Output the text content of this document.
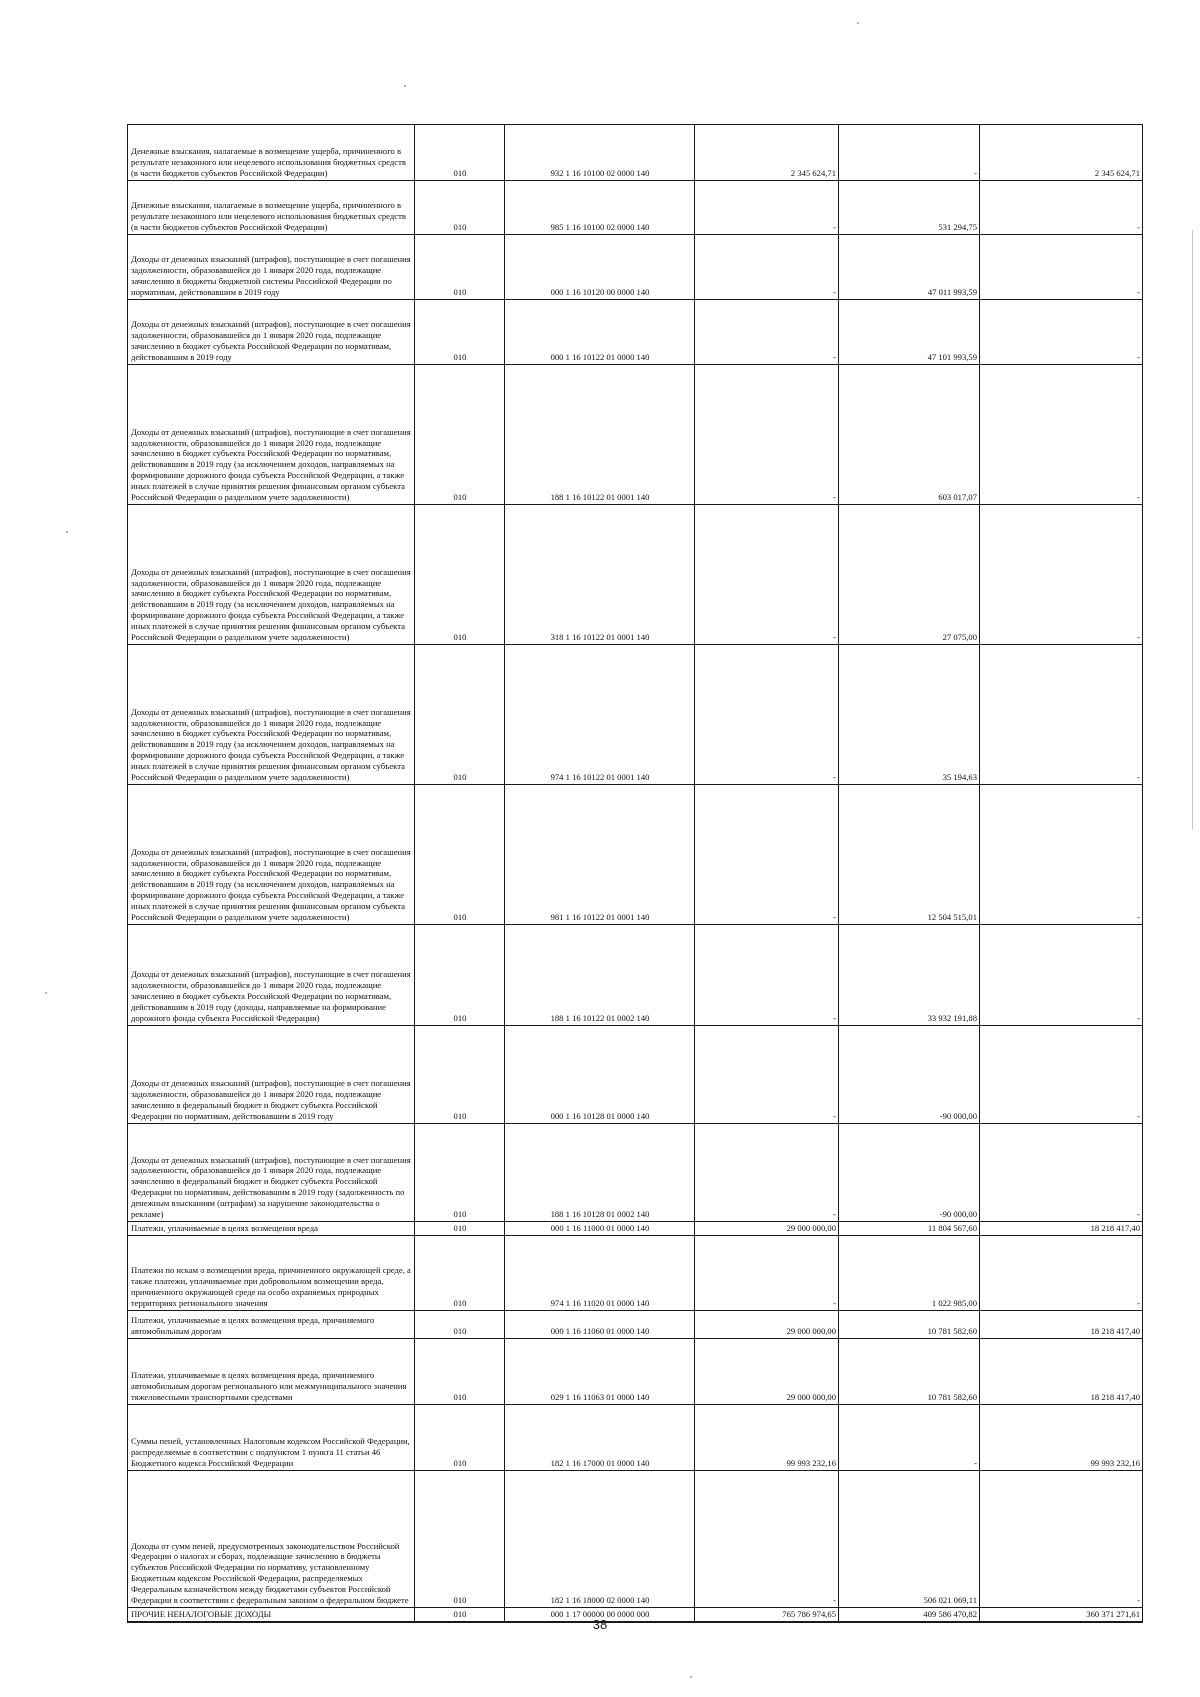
Денежные взыскания, налагаемые в возмещение ущерба, причиненного в результате незаконного или нецелевого использования бюджетных средств (в части бюджетов субъектов Российской Федерации)	010	932 1 16 10100 02 0000 140	2 345 624,71	-	2 345 624,71

Денежные взыскания, налагаемые в возмещение ущерба, причиненного в результате незаконного или нецелевого использования бюджетных средств (в части бюджетов субъектов Российской Федерации)	010	985 1 16 10100 02 0000 140	-	531 294,75	-

Доходы от денежных взысканий (штрафов), поступающие в счет погашения задолженности, образовавшейся до 1 января 2020 года, подлежащие зачислению в бюджеты бюджетной системы Российской Федерации по нормативам, действовавшим в 2019 году	010	000 1 16 10120 00 0000 140	-	47 011 993,59	-

Доходы от денежных взысканий (штрафов), поступающие в счет погашения задолженности, образовавшейся до 1 января 2020 года, подлежащие зачислению в бюджет субъекта Российской Федерации по нормативам, действовавшим в 2019 году	010	000 1 16 10122 01 0000 140	-	47 101 993,59	-

Доходы от денежных взысканий (штрафов), поступающие в счет погашения задолженности, образовавшейся до 1 января 2020 года, подлежащие зачислению в бюджет субъекта Российской Федерации по нормативам, действовавшим в 2019 году (за исключением доходов, направляемых на формирование дорожного фонда субъекта Российской Федерации, а также иных платежей в случае принятия решения финансовым органом субъекта Российской Федерации о раздельном учете задолженности)	010	188 1 16 10122 01 0001 140	-	603 017,07	-

Доходы от денежных взысканий (штрафов), поступающие в счет погашения задолженности, образовавшейся до 1 января 2020 года, подлежащие зачислению в бюджет субъекта Российской Федерации по нормативам, действовавшим в 2019 году (за исключением доходов, направляемых на формирование дорожного фонда субъекта Российской Федерации, а также иных платежей в случае принятия решения финансовым органом субъекта Российской Федерации о раздельном учете задолженности)	010	318 1 16 10122 01 0001 140	-	27 075,00	-

Доходы от денежных взысканий (штрафов), поступающие в счет погашения задолженности, образовавшейся до 1 января 2020 года, подлежащие зачислению в бюджет субъекта Российской Федерации по нормативам, действовавшим в 2019 году (за исключением доходов, направляемых на формирование дорожного фонда субъекта Российской Федерации, а также иных платежей в случае принятия решения финансовым органом субъекта Российской Федерации о раздельном учете задолженности)	010	974 1 16 10122 01 0001 140	-	35 194,63	-

Доходы от денежных взысканий (штрафов), поступающие в счет погашения задолженности, образовавшейся до 1 января 2020 года, подлежащие зачислению в бюджет субъекта Российской Федерации по нормативам, действовавшим в 2019 году (за исключением доходов, направляемых на формирование дорожного фонда субъекта Российской Федерации, а также иных платежей в случае принятия решения финансовым органом субъекта Российской Федерации о раздельном учете задолженности)	010	981 1 16 10122 01 0001 140	-	12 504 515,01	-

Доходы от денежных взысканий (штрафов), поступающие в счет погашения задолженности, образовавшейся до 1 января 2020 года, подлежащие зачислению в бюджет субъекта Российской Федерации по нормативам, действовавшим в 2019 году (доходы, направляемые на формирование дорожного фонда субъекта Российской Федерации)	010	188 1 16 10122 01 0002 140	-	33 932 191,88	-

Доходы от денежных взысканий (штрафов), поступающие в счет погашения задолженности, образовавшейся до 1 января 2020 года, подлежащие зачислению в федеральный бюджет и бюджет субъекта Российской Федерации по нормативам, действовавшим в 2019 году	010	000 1 16 10128 01 0000 140	-	-90 000,00	-

Доходы от денежных взысканий (штрафов), поступающие в счет погашения задолженности, образовавшейся до 1 января 2020 года, подлежащие зачислению в федеральный бюджет и бюджет субъекта Российской Федерации по нормативам, действовавшим в 2019 году (задолженность по денежным взысканиям (штрафам) за нарушение законодательства о рекламе)	010	188 1 16 10128 01 0002 140	-	-90 000,00	-

Платежи, уплачиваемые в целях возмещения вреда	010	000 1 16 11000 01 0000 140	29 000 000,00	11 804 567,60	18 218 417,40

Платежи по искам о возмещении вреда, причиненного окружающей среде, а также платежи, уплачиваемые при добровольном возмещении вреда, причиненного окружающей среде на особо охраняемых природных территориях регионального значения	010	974 1 16 11020 01 0000 140	-	1 022 985,00	-

Платежи, уплачиваемые в целях возмещения вреда, причиняемого автомобильным дорогам	010	000 1 16 11060 01 0000 140	29 000 000,00	10 781 582,60	18 218 417,40

Платежи, уплачиваемые в целях возмещения вреда, причиняемого автомобильным дорогам регионального или межмуниципального значения тяжеловесными транспортными средствами	010	029 1 16 11063 01 0000 140	29 000 000,00	10 781 582,60	18 218 417,40

Суммы пеней, установленных Налоговым кодексом Российской Федерации, распределяемые в соответствии с подпунктом 1 пункта 11 статьи 46 Бюджетного кодекса Российской Федерации	010	182 1 16 17000 01 0000 140	99 993 232,16	-	99 993 232,16

Доходы от сумм пеней, предусмотренных законодательством Российской Федерации о налогах и сборах, подлежащие зачислению в бюджеты субъектов Российской Федерации по нормативу, установленному Бюджетным кодексом Российской Федерации, распределяемых Федеральным казначейством между бюджетами субъектов Российской Федерации в соответствии с федеральным законом о федеральном бюджете	010	182 1 16 18000 02 0000 140	-	506 021 069,11	-

ПРОЧИЕ НЕНАЛОГОВЫЕ ДОХОДЫ	010	000 1 17 00000 00 0000 000	765 786 974,65	409 586 470,82	360 371 271,61
38
